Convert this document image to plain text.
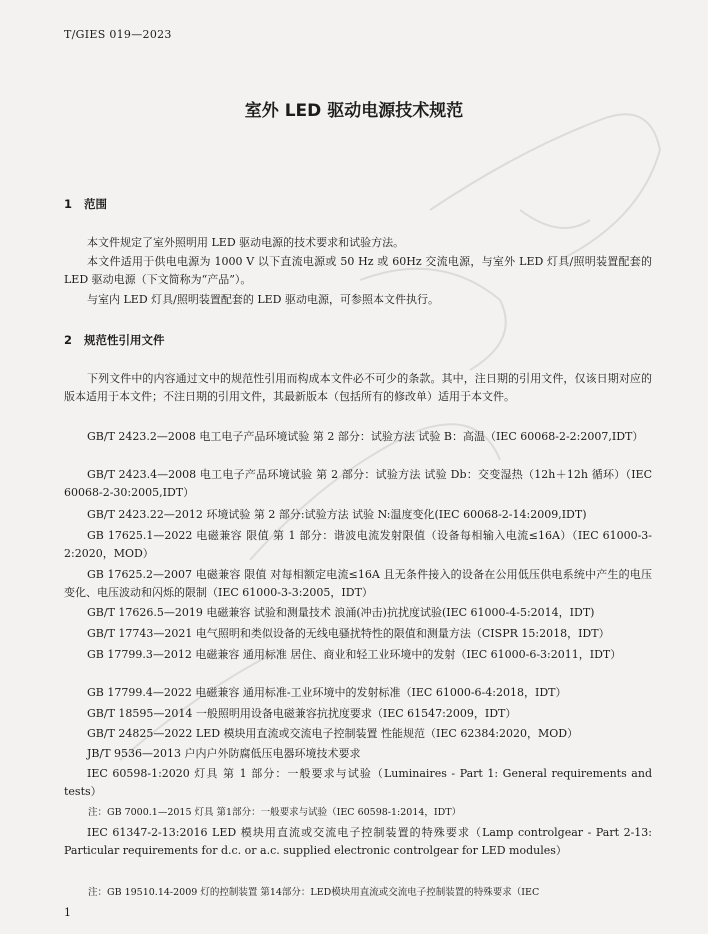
T/GIES 019—2023
室外 LED 驱动电源技术规范
1 范围
本文件规定了室外照明用 LED 驱动电源的技术要求和试验方法。
本文件适用于供电电源为 1000 V 以下直流电源或 50 Hz 或 60Hz 交流电源，与室外 LED 灯具/照明装置配套的 LED 驱动电源（下文简称为“产品”）。
与室内 LED 灯具/照明装置配套的 LED 驱动电源，可参照本文件执行。
2 规范性引用文件
下列文件中的内容通过文中的规范性引用而构成本文件必不可少的条款。其中，注日期的引用文件，仅该日期对应的版本适用于本文件；不注日期的引用文件，其最新版本（包括所有的修改单）适用于本文件。
GB/T 2423.2—2008 电工电子产品环境试验 第 2 部分：试验方法 试验 B：高温（IEC 60068-2-2:2007,IDT）
GB/T 2423.4—2008 电工电子产品环境试验 第 2 部分：试验方法 试验 Db：交变湿热（12h＋12h 循环）（IEC 60068-2-30:2005,IDT）
GB/T 2423.22—2012 环境试验 第 2 部分:试验方法 试验 N:温度变化(IEC 60068-2-14:2009,IDT)
GB 17625.1—2022 电磁兼容 限值 第 1 部分：谐波电流发射限值（设备每相输入电流≤16A）（IEC 61000-3-2:2020，MOD）
GB 17625.2—2007 电磁兼容 限值 对每相额定电流≤16A 且无条件接入的设备在公用低压供电系统中产生的电压变化、电压波动和闪烁的限制（IEC 61000-3-3:2005，IDT）
GB/T 17626.5—2019 电磁兼容 试验和测量技术 浪涌(冲击)抗扰度试验(IEC 61000-4-5:2014，IDT)
GB/T 17743—2021 电气照明和类似设备的无线电骚扰特性的限值和测量方法（CISPR 15:2018，IDT）
GB 17799.3—2012 电磁兼容 通用标准 居住、商业和轻工业环境中的发射（IEC 61000-6-3:2011，IDT）
GB 17799.4—2022 电磁兼容 通用标准-工业环境中的发射标准（IEC 61000-6-4:2018，IDT）
GB/T 18595—2014 一般照明用设备电磁兼容抗扰度要求（IEC 61547:2009，IDT）
GB/T 24825—2022 LED 模块用直流或交流电子控制装置 性能规范（IEC 62384:2020，MOD）
JB/T 9536—2013 户内户外防腐低压电器环境技术要求
IEC 60598-1:2020 灯具 第 1 部分：一般要求与试验（Luminaires - Part 1: General requirements and tests）
注：GB 7000.1—2015 灯具 第1部分：一般要求与试验（IEC 60598-1:2014，IDT）
IEC 61347-2-13:2016 LED 模块用直流或交流电子控制装置的特殊要求（Lamp controlgear - Part 2-13: Particular requirements for d.c. or a.c. supplied electronic controlgear for LED modules）
注：GB 19510.14-2009 灯的控制装置 第14部分：LED模块用直流或交流电子控制装置的特殊要求（IEC
1
